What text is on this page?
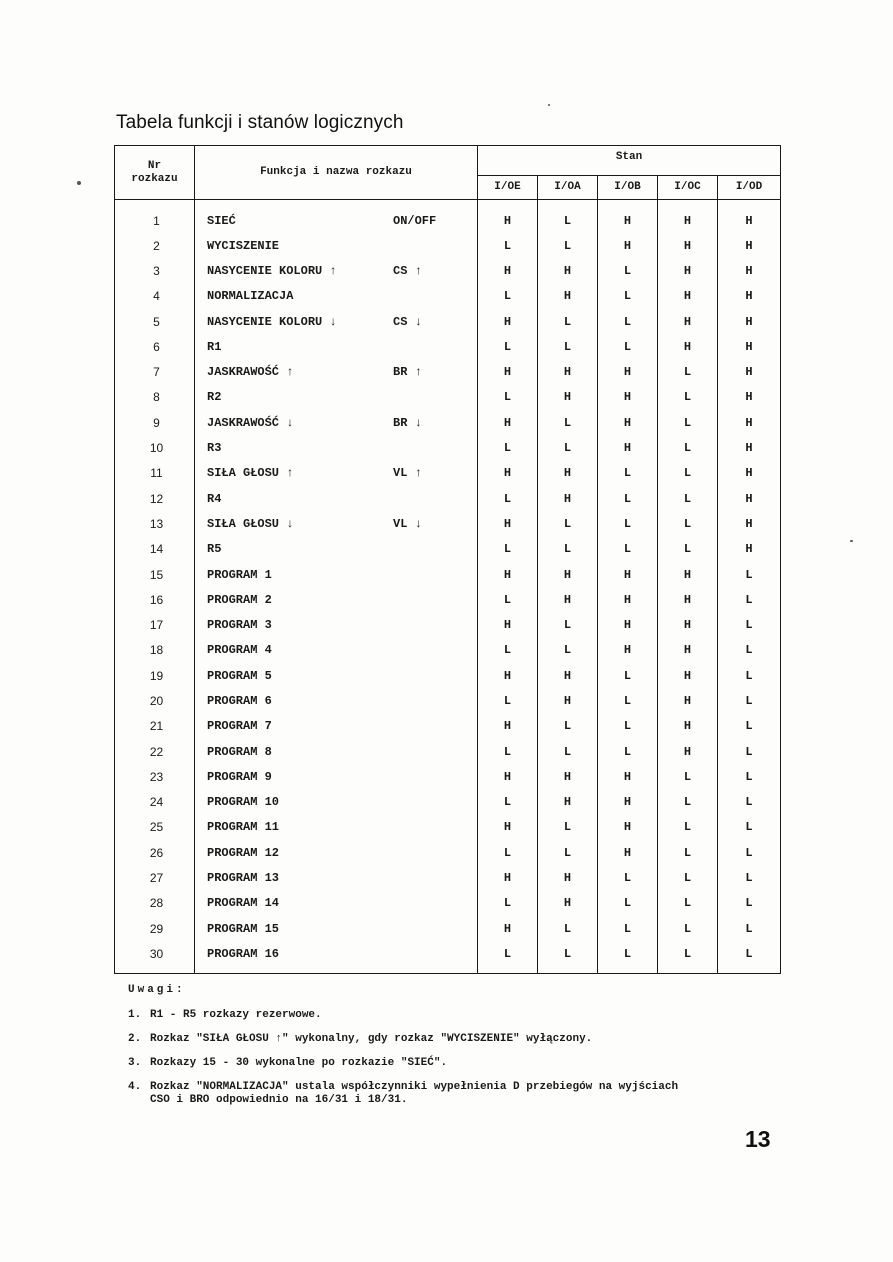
Tabela funkcji i stanów logicznych
Nr rozkazu	Funkcja i nazwa rozkazu	Stan				
		I/OE	I/OA	I/OB	I/OC	I/OD
1	SIEĆ ON/OFF	H	L	H	H	H
2	WYCISZENIE	L	L	H	H	H
3	NASYCENIE KOLORU ↑ CS ↑	H	H	L	H	H
4	NORMALIZACJA	L	H	L	H	H
5	NASYCENIE KOLORU ↓ CS ↓	H	L	L	H	H
6	R1	L	L	L	H	H
7	JASKRAWOŚĆ ↑ BR ↑	H	H	H	L	H
8	R2	L	H	H	L	H
9	JASKRAWOŚĆ ↓ BR ↓	H	L	H	L	H
10	R3	L	L	H	L	H
11	SIŁA GŁOSU ↑ VL ↑	H	H	L	L	H
12	R4	L	H	L	L	H
13	SIŁA GŁOSU ↓ VL ↓	H	L	L	L	H
14	R5	L	L	L	L	H
15	PROGRAM 1	H	H	H	H	L
16	PROGRAM 2	L	H	H	H	L
17	PROGRAM 3	H	L	H	H	L
18	PROGRAM 4	L	L	H	H	L
19	PROGRAM 5	H	H	L	H	L
20	PROGRAM 6	L	H	L	H	L
21	PROGRAM 7	H	L	L	H	L
22	PROGRAM 8	L	L	L	H	L
23	PROGRAM 9	H	H	H	L	L
24	PROGRAM 10	L	H	H	L	L
25	PROGRAM 11	H	L	H	L	L
26	PROGRAM 12	L	L	H	L	L
27	PROGRAM 13	H	H	L	L	L
28	PROGRAM 14	L	H	L	L	L
29	PROGRAM 15	H	L	L	L	L
30	PROGRAM 16	L	L	L	L	L
Uwagi:
1. R1 - R5 rozkazy rezerwowe.
2. Rozkaz "SIŁA GŁOSU ↑" wykonalny, gdy rozkaz "WYCISZENIE" wyłączony.
3. Rozkazy 15 - 30 wykonalne po rozkazie "SIEĆ".
4. Rozkaz "NORMALIZACJA" ustala współczynniki wypełnienia D przebiegów na wyjściach
CSO i BRO odpowiednio na 16/31 i 18/31.
13
